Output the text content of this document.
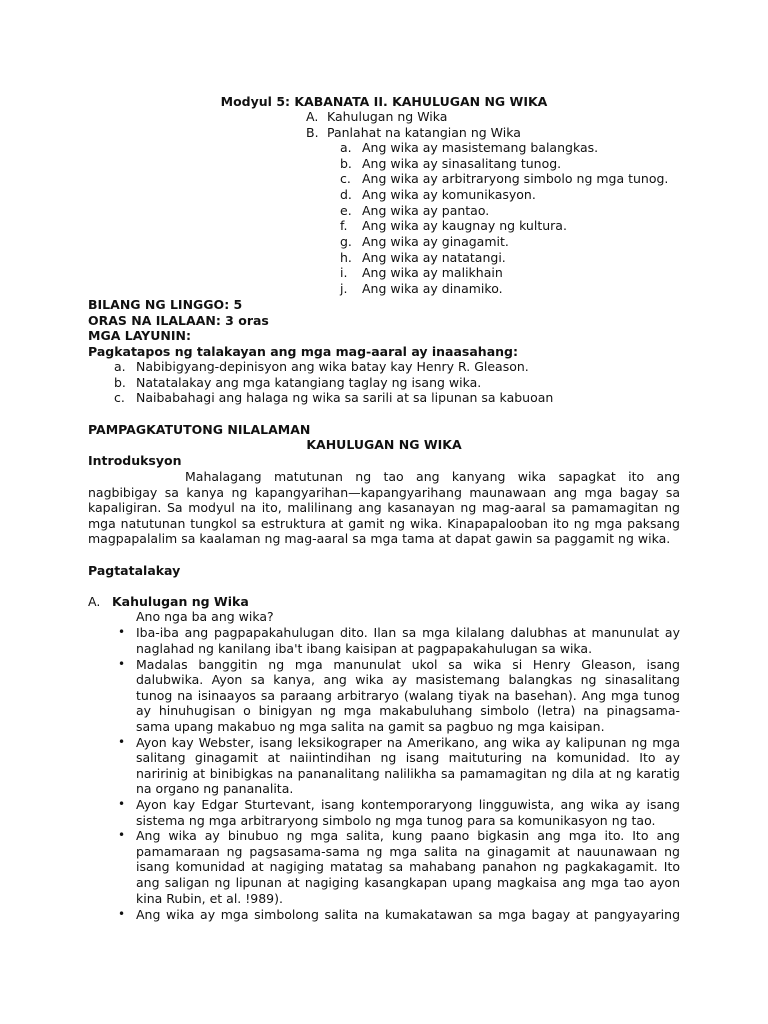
Modyul 5: KABANATA II. KAHULUGAN NG WIKA
A. Kahulugan ng Wika
B. Panlahat na katangian ng Wika
a. Ang wika ay masistemang balangkas.
b. Ang wika ay sinasalitang tunog.
c. Ang wika ay arbitraryong simbolo ng mga tunog.
d. Ang wika ay komunikasyon.
e. Ang wika ay pantao.
f. Ang wika ay kaugnay ng kultura.
g. Ang wika ay ginagamit.
h. Ang wika ay natatangi.
i. Ang wika ay malikhain
j. Ang wika ay dinamiko.
BILANG NG LINGGO: 5
ORAS NA ILALAAN: 3 oras
MGA LAYUNIN:
Pagkatapos ng talakayan ang mga mag-aaral ay inaasahang:
a. Nabibigyang-depinisyon ang wika batay kay Henry R. Gleason.
b. Natatalakay ang mga katangiang taglay ng isang wika.
c. Naibabahagi ang halaga ng wika sa sarili at sa lipunan sa kabuoan
PAMPAGKATUTONG NILALAMAN
KAHULUGAN NG WIKA
Introduksyon
Mahalagang matutunan ng tao ang kanyang wika sapagkat ito ang
nagbibigay sa kanya ng kapangyarihan—kapangyarihang maunawaan ang mga bagay sa
kapaligiran. Sa modyul na ito, malilinang ang kasanayan ng mag-aaral sa pamamagitan ng
mga natutunan tungkol sa estruktura at gamit ng wika. Kinapapalooban ito ng mga paksang
magpapalalim sa kaalaman ng mag-aaral sa mga tama at dapat gawin sa paggamit ng wika.
Pagtatalakay
A. Kahulugan ng Wika
Ano nga ba ang wika?
• Iba-iba ang pagpapakahulugan dito. Ilan sa mga kilalang dalubhas at manunulat ay
naglahad ng kanilang iba't ibang kaisipan at pagpapakahulugan sa wika.
• Madalas banggitin ng mga manunulat ukol sa wika si Henry Gleason, isang
dalubwika. Ayon sa kanya, ang wika ay masistemang balangkas ng sinasalitang
tunog na isinaayos sa paraang arbitraryo (walang tiyak na basehan). Ang mga tunog
ay hinuhugisan o binigyan ng mga makabuluhang simbolo (letra) na pinagsama-
sama upang makabuo ng mga salita na gamit sa pagbuo ng mga kaisipan.
• Ayon kay Webster, isang leksikograper na Amerikano, ang wika ay kalipunan ng mga
salitang ginagamit at naiintindihan ng isang maituturing na komunidad. Ito ay
naririnig at binibigkas na pananalitang nalilikha sa pamamagitan ng dila at ng karatig
na organo ng pananalita.
• Ayon kay Edgar Sturtevant, isang kontemporaryong lingguwista, ang wika ay isang
sistema ng mga arbitraryong simbolo ng mga tunog para sa komunikasyon ng tao.
• Ang wika ay binubuo ng mga salita, kung paano bigkasin ang mga ito. Ito ang
pamamaraan ng pagsasama-sama ng mga salita na ginagamit at nauunawaan ng
isang komunidad at nagiging matatag sa mahabang panahon ng pagkakagamit. Ito
ang saligan ng lipunan at nagiging kasangkapan upang magkaisa ang mga tao ayon
kina Rubin, et al. !989).
• Ang wika ay mga simbolong salita na kumakatawan sa mga bagay at pangyayaring
